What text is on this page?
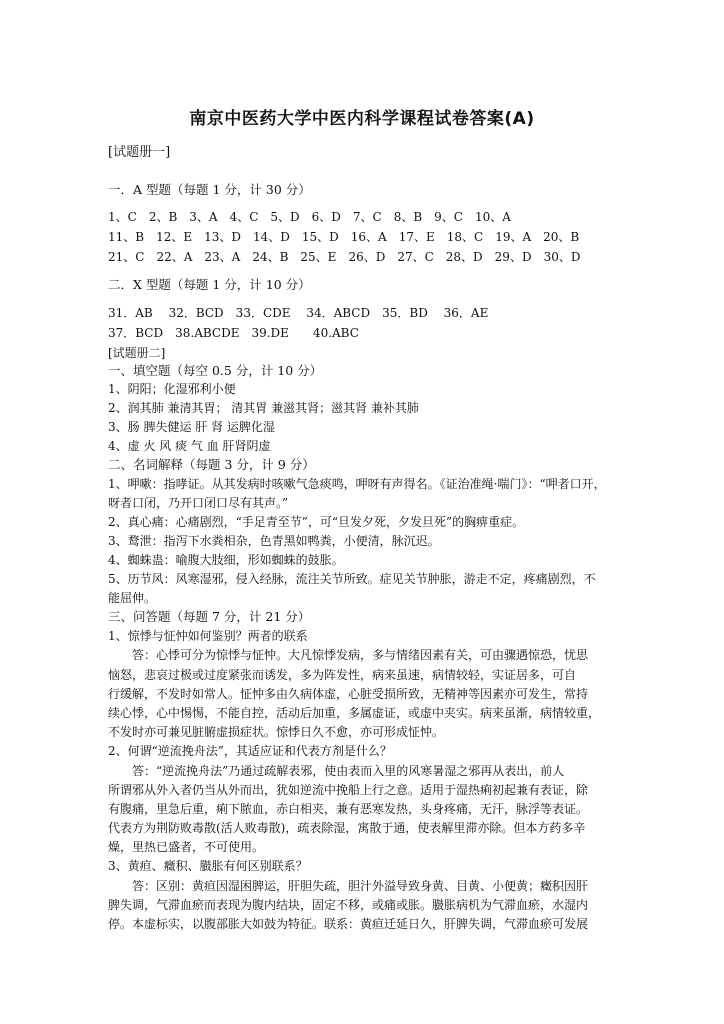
南京中医药大学中医内科学课程试卷答案(A)
[试题册一]
一．A 型题（每题 1 分，计 30 分）
1、C　2、B　3、A　4、C　5、D　6、D　7、C　8、B　9、C　10、A
11、B　12、E　13、D　14、D　15、D　16、A　17、E　18、C　19、A　20、B
21、C　22、A　23、A　24、B　25、E　26、D　27、C　28、D　29、D　30、D
二．X 型题（每题 1 分，计 10 分）
31．AB　 32．BCD　33．CDE　 34．ABCD　35．BD　 36．AE
37．BCD　38.ABCDE　39.DE　　40.ABC
[试题册二]
一、填空题（每空 0.5 分，计 10 分）
1、阴阳；化湿邪利小便
2、润其肺 兼清其胃； 清其胃 兼滋其肾；滋其肾 兼补其肺
3、肠 脾失健运 肝 肾 运脾化湿
4、虚 火 风 痰 气 血 肝肾阴虚
二、名词解释（每题 3 分，计 9 分）
1、呷嗽：指哮证。从其发病时咳嗽气急痰鸣，呷呀有声得名。《证治准绳·喘门》：“呷者口开，
呀者口闭，乃开口闭口尽有其声。”
2、真心痛：心痛剧烈，“手足青至节”，可“旦发夕死，夕发旦死”的胸痹重症。
3、鹜泄：指泻下水粪相杂，色青黑如鸭粪，小便清，脉沉迟。
4、蜘蛛蛊：喻腹大肢细，形如蜘蛛的鼓胀。
5、历节风：风寒湿邪，侵入经脉，流注关节所致。症见关节肿胀，游走不定，疼痛剧烈，不
能屈伸。
三、问答题（每题 7 分，计 21 分）
1、惊悸与怔忡如何鉴别？两者的联系
　　答：心悸可分为惊悸与怔忡。大凡惊悸发病，多与情绪因素有关，可由骤遇惊恐，忧思
恼怒，悲哀过极或过度紧张而诱发，多为阵发性，病来虽速，病情较轻，实证居多，可自
行缓解，不发时如常人。怔忡多由久病体虚，心脏受损所致，无精神等因素亦可发生，常持
续心悸，心中惕惕，不能自控，活动后加重，多属虚证，或虚中夹实。病来虽渐，病情较重，
不发时亦可兼见脏腑虚损症状。惊悸日久不愈，亦可形成怔忡。
2、何谓“逆流挽舟法”，其适应证和代表方剂是什么？
　　答：“逆流挽舟法”乃通过疏解表邪，使由表而入里的风寒暑湿之邪再从表出，前人
所谓邪从外入者仍当从外而出，犹如逆流中挽船上行之意。适用于湿热痢初起兼有表证，除
有腹痛，里急后重，痢下脓血，赤白相夹，兼有恶寒发热，头身疼痛，无汗，脉浮等表证。
代表方为荆防败毒散(活人败毒散)，疏表除湿，寓散于通，使表解里滞亦除。但本方药多辛
燥，里热已盛者，不可使用。
3、黄疸、癥积、臌胀有何区别联系？
　　答：区别：黄疸因湿困脾运，肝胆失疏，胆汁外溢导致身黄、目黄、小便黄；癥积因肝
脾失调，气滞血瘀而表现为腹内结块，固定不移，或痛或胀。臌胀病机为气滞血瘀，水湿内
停。本虚标实，以腹部胀大如鼓为特征。联系：黄疸迁延日久，肝脾失调，气滞血瘀可发展
